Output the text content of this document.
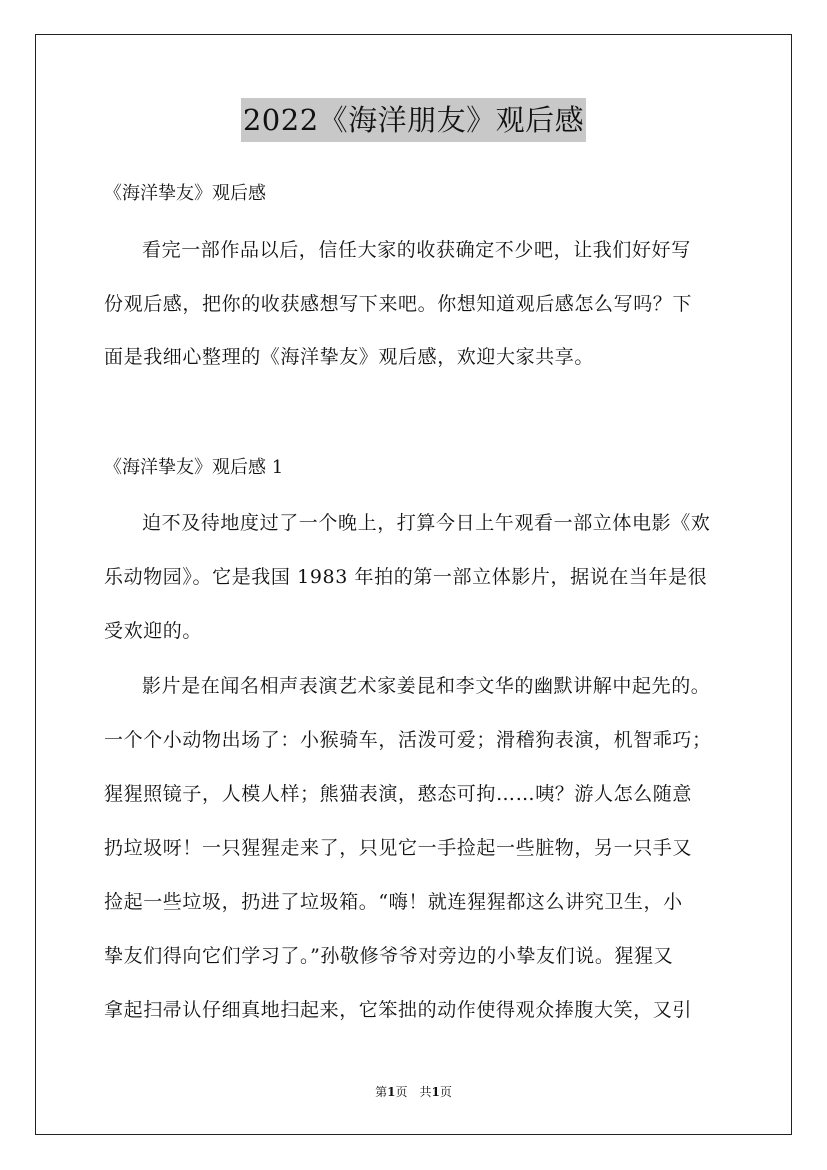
2022《海洋朋友》观后感
《海洋挚友》观后感
看完一部作品以后，信任大家的收获确定不少吧，让我们好好写
份观后感，把你的收获感想写下来吧。你想知道观后感怎么写吗？下
面是我细心整理的《海洋挚友》观后感，欢迎大家共享。
《海洋挚友》观后感 1
迫不及待地度过了一个晚上，打算今日上午观看一部立体电影《欢
乐动物园》。它是我国 1983 年拍的第一部立体影片，据说在当年是很
受欢迎的。
影片是在闻名相声表演艺术家姜昆和李文华的幽默讲解中起先的。
一个个小动物出场了：小猴骑车，活泼可爱；滑稽狗表演，机智乖巧；
猩猩照镜子，人模人样；熊猫表演，憨态可拘……咦？游人怎么随意
扔垃圾呀！一只猩猩走来了，只见它一手捡起一些脏物，另一只手又
捡起一些垃圾，扔进了垃圾箱。“嗨！就连猩猩都这么讲究卫生，小
挚友们得向它们学习了。”孙敬修爷爷对旁边的小挚友们说。猩猩又
拿起扫帚认仔细真地扫起来，它笨拙的动作使得观众捧腹大笑，又引
第1页　共1页
